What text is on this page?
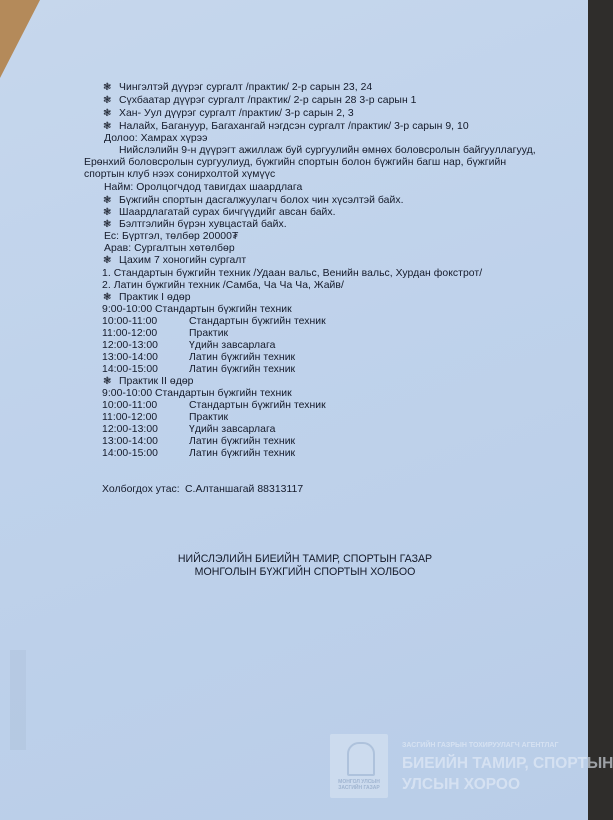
❃ Чингэлтэй дүүрэг сургалт /практик/ 2-р сарын 23, 24
❃ Сүхбаатар дүүрэг сургалт /практик/ 2-р сарын 28 3-р сарын 1
❃ Хан- Уул дүүрэг сургалт /практик/ 3-р сарын 2, 3
❃ Налайх, Багануур, Багахангай нэгдсэн сургалт /практик/ 3-р сарын 9, 10
Долоо: Хамрах хүрээ
Нийслэлийн 9-н дүүрэгт ажиллаж буй сургуулийн өмнөх боловсролын байгууллагууд,
Ерөнхий боловсролын сургуулиуд, бүжгийн спортын болон бүжгийн багш нар, бүжгийн
спортын клуб нээх сонирхолтой хүмүүс
Найм: Оролцогчдод тавигдах шаардлага
❃ Бүжгийн спортын дасгалжуулагч болох чин хүсэлтэй байх.
❃ Шаардлагатай сурах бичгүүдийг авсан байх.
❃ Бэлтгэлийн бүрэн хувцастай байх.
Ес: Бүртгэл, төлбөр 20000₮
Арав: Сургалтын хөтөлбөр
❃ Цахим 7 хоногийн сургалт
1. Стандартын бүжгийн техник /Удаан вальс, Венийн вальс, Хурдан фокстрот/
2. Латин бүжгийн техник /Самба, Ча Ча Ча, Жайв/
❃ Практик I өдөр
9:00-10:00 Стандартын бүжгийн техник
10:00-11:00	Стандартын бүжгийн техник
11:00-12:00	Практик
12:00-13:00	Үдийн завсарлага
13:00-14:00	Латин бүжгийн техник
14:00-15:00	Латин бүжгийн техник
❃ Практик II өдөр
9:00-10:00 Стандартын бүжгийн техник
10:00-11:00	Стандартын бүжгийн техник
11:00-12:00	Практик
12:00-13:00	Үдийн завсарлага
13:00-14:00	Латин бүжгийн техник
14:00-15:00	Латин бүжгийн техник
Холбогдох утас: С.Алтаншагай 88313117
НИЙСЛЭЛИЙН БИЕИЙН ТАМИР, СПОРТЫН ГАЗАР
МОНГОЛЫН БҮЖГИЙН СПОРТЫН ХОЛБОО
МОНГОЛ УЛСЫН ЗАСГИЙН ГАЗАР
ЗАСГИЙН ГАЗРЫН ТОХИРУУЛАГЧ АГЕНТЛАГ
БИЕИЙН ТАМИР, СПОРТЫН
УЛСЫН ХОРОО
